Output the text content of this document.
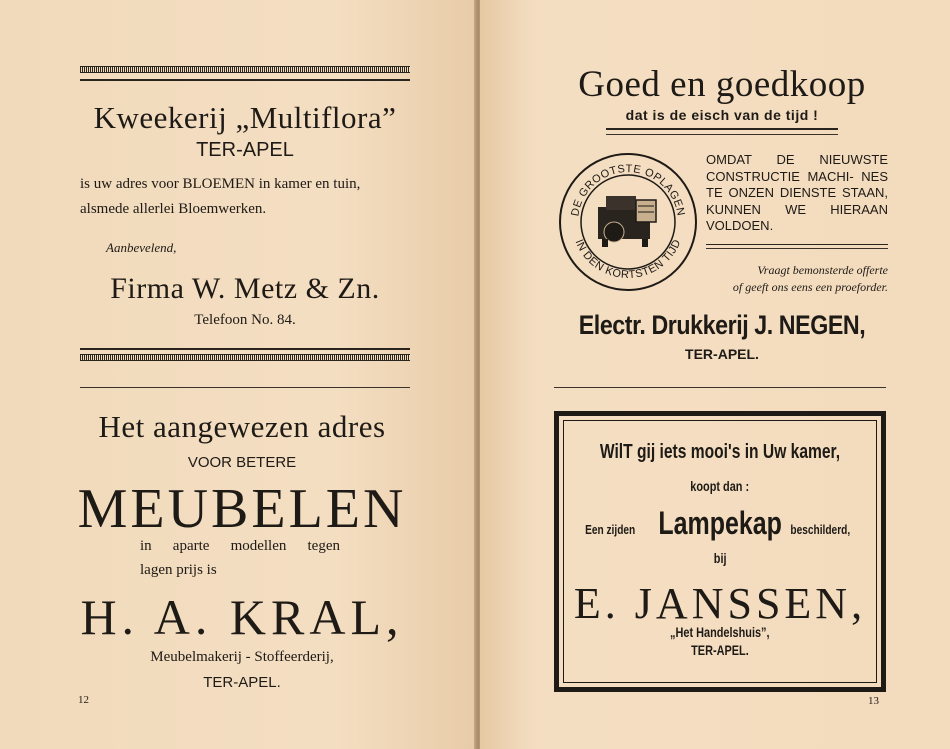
Kweekerij „Multiflora”
TER-APEL
is uw adres voor BLOEMEN in kamer en tuin,
alsmede allerlei Bloemwerken.
Aanbevelend,
Firma W. Metz & Zn.
Telefoon No. 84.
Het aangewezen adres
VOOR BETERE
MEUBELEN
in aparte modellen tegen
lagen prijs is
H. A. KRAL,
Meubelmakerij - Stoffeerderij,
TER-APEL.
12
Goed en goedkoop
dat is de eisch van de tijd !
DE GROOTSTE OPLAGEN
IN DEN KORTSTEN TIJD
OMDAT DE NIEUWSTE CONSTRUCTIE MACHI- NES TE ONZEN DIENSTE STAAN, KUNNEN WE HIERAAN VOLDOEN.
Vraagt bemonsterde offerte
of geeft ons eens een proeforder.
Electr. Drukkerij J. NEGEN,
TER-APEL.
WilT gij iets mooi's in Uw kamer,
koopt dan :
Een zijden Lampekap beschilderd,
bij
E. JANSSEN,
„Het Handelshuis”,
TER-APEL.
13
